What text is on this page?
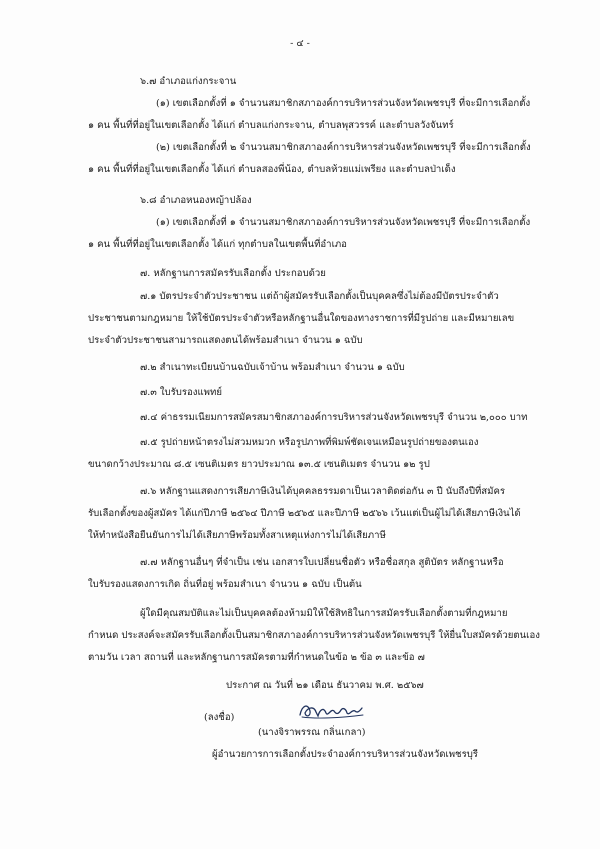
- ๔ -
๖.๗ อำเภอแก่งกระจาน
(๑) เขตเลือกตั้งที่ ๑ จำนวนสมาชิกสภาองค์การบริหารส่วนจังหวัดเพชรบุรี ที่จะมีการเลือกตั้ง
๑ คน พื้นที่ที่อยู่ในเขตเลือกตั้ง ได้แก่ ตำบลแก่งกระจาน, ตำบลพุสวรรค์ และตำบลวังจันทร์
(๒) เขตเลือกตั้งที่ ๒ จำนวนสมาชิกสภาองค์การบริหารส่วนจังหวัดเพชรบุรี ที่จะมีการเลือกตั้ง
๑ คน พื้นที่ที่อยู่ในเขตเลือกตั้ง ได้แก่ ตำบลสองพี่น้อง, ตำบลห้วยแม่เพรียง และตำบลป่าเด็ง
๖.๘ อำเภอหนองหญ้าปล้อง
(๑) เขตเลือกตั้งที่ ๑ จำนวนสมาชิกสภาองค์การบริหารส่วนจังหวัดเพชรบุรี ที่จะมีการเลือกตั้ง
๑ คน พื้นที่ที่อยู่ในเขตเลือกตั้ง ได้แก่ ทุกตำบลในเขตพื้นที่อำเภอ
๗. หลักฐานการสมัครรับเลือกตั้ง ประกอบด้วย
๗.๑ บัตรประจำตัวประชาชน แต่ถ้าผู้สมัครรับเลือกตั้งเป็นบุคคลซึ่งไม่ต้องมีบัตรประจำตัว
ประชาชนตามกฎหมาย ให้ใช้บัตรประจำตัวหรือหลักฐานอื่นใดของทางราชการที่มีรูปถ่าย และมีหมายเลข
ประจำตัวประชาชนสามารถแสดงตนได้พร้อมสำเนา จำนวน ๑ ฉบับ
๗.๒ สำเนาทะเบียนบ้านฉบับเจ้าบ้าน พร้อมสำเนา จำนวน ๑ ฉบับ
๗.๓ ใบรับรองแพทย์
๗.๔ ค่าธรรมเนียมการสมัครสมาชิกสภาองค์การบริหารส่วนจังหวัดเพชรบุรี จำนวน ๒,๐๐๐ บาท
๗.๕ รูปถ่ายหน้าตรงไม่สวมหมวก หรือรูปภาพที่พิมพ์ชัดเจนเหมือนรูปถ่ายของตนเอง
ขนาดกว้างประมาณ ๘.๕ เซนติเมตร ยาวประมาณ ๑๓.๕ เซนติเมตร จำนวน ๑๒ รูป
๗.๖ หลักฐานแสดงการเสียภาษีเงินได้บุคคลธรรมดาเป็นเวลาติดต่อกัน ๓ ปี นับถึงปีที่สมัคร
รับเลือกตั้งของผู้สมัคร ได้แก่ปีภาษี ๒๕๖๔ ปีภาษี ๒๕๖๕ และปีภาษี ๒๕๖๖ เว้นแต่เป็นผู้ไม่ได้เสียภาษีเงินได้
ให้ทำหนังสือยืนยันการไม่ได้เสียภาษีพร้อมทั้งสาเหตุแห่งการไม่ได้เสียภาษี
๗.๗ หลักฐานอื่นๆ ที่จำเป็น เช่น เอกสารใบเปลี่ยนชื่อตัว หรือชื่อสกุล สูติบัตร หลักฐานหรือ
ใบรับรองแสดงการเกิด ถิ่นที่อยู่ พร้อมสำเนา จำนวน ๑ ฉบับ เป็นต้น
ผู้ใดมีคุณสมบัติและไม่เป็นบุคคลต้องห้ามมิให้ใช้สิทธิในการสมัครรับเลือกตั้งตามที่กฎหมาย
กำหนด ประสงค์จะสมัครรับเลือกตั้งเป็นสมาชิกสภาองค์การบริหารส่วนจังหวัดเพชรบุรี ให้ยื่นใบสมัครด้วยตนเอง
ตามวัน เวลา สถานที่ และหลักฐานการสมัครตามที่กำหนดในข้อ ๒ ข้อ ๓ และข้อ ๗
ประกาศ ณ วันที่ ๒๑ เดือน ธันวาคม พ.ศ. ๒๕๖๗
(ลงชื่อ)
(นางจิราพรรณ กลิ่นเกลา)
ผู้อำนวยการการเลือกตั้งประจำองค์การบริหารส่วนจังหวัดเพชรบุรี
